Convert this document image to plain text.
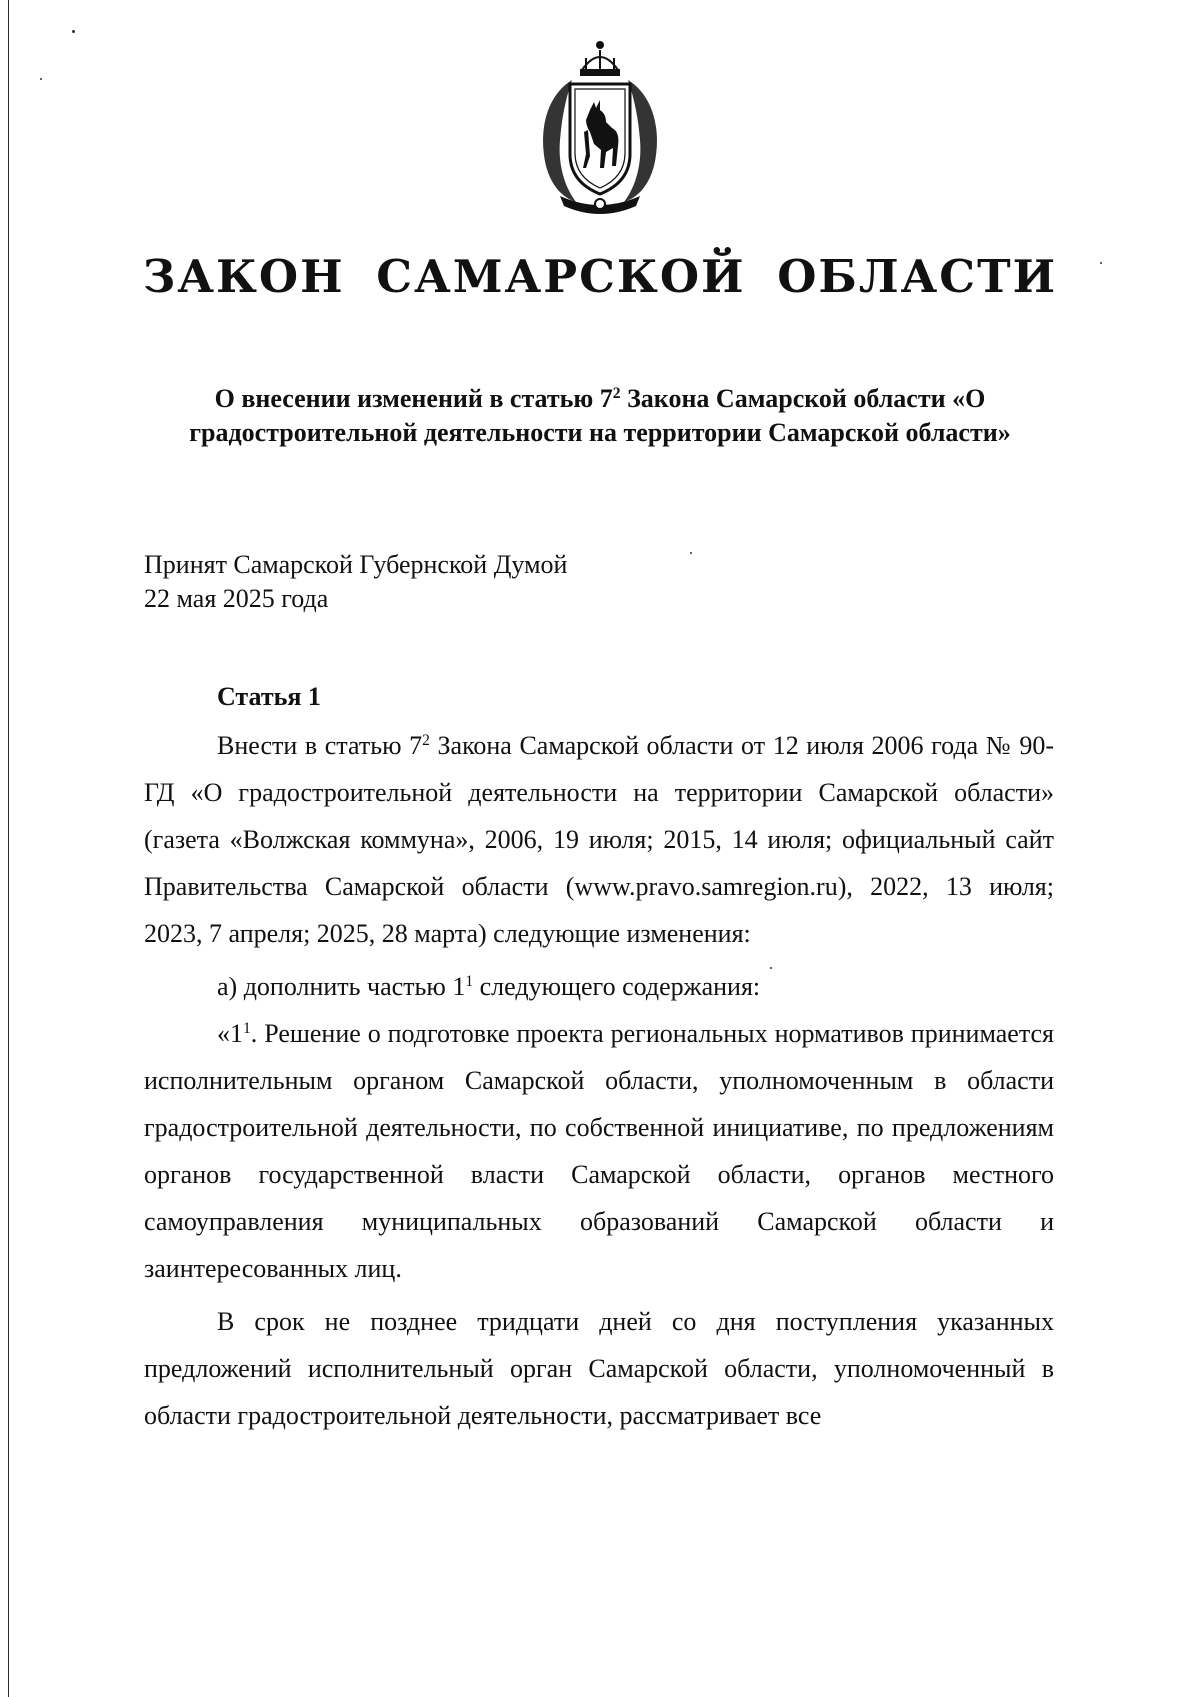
ЗАКОН САМАРСКОЙ ОБЛАСТИ

О внесении изменений в статью $7^2$ Закона Самарской области «О градостроительной деятельности на территории Самарской области»

Принят Самарской Губернской Думой
22 мая 2025 года

Статья 1

Внести в статью $7^2$ Закона Самарской области от 12 июля 2006 года № 90-ГД «О градостроительной деятельности на территории Самарской области» (газета «Волжская коммуна», 2006, 19 июля; 2015, 14 июля; официальный сайт Правительства Самарской области (www.pravo.samregion.ru), 2022, 13 июля; 2023, 7 апреля; 2025, 28 марта) следующие изменения:

а) дополнить частью $1^1$ следующего содержания:

«$1^1$. Решение о подготовке проекта региональных нормативов принимается исполнительным органом Самарской области, уполномоченным в области градостроительной деятельности, по собственной инициативе, по предложениям органов государственной власти Самарской области, органов местного самоуправления муниципальных образований Самарской области и заинтересованных лиц.

В срок не позднее тридцати дней со дня поступления указанных предложений исполнительный орган Самарской области, уполномоченный в области градостроительной деятельности, рассматривает все
